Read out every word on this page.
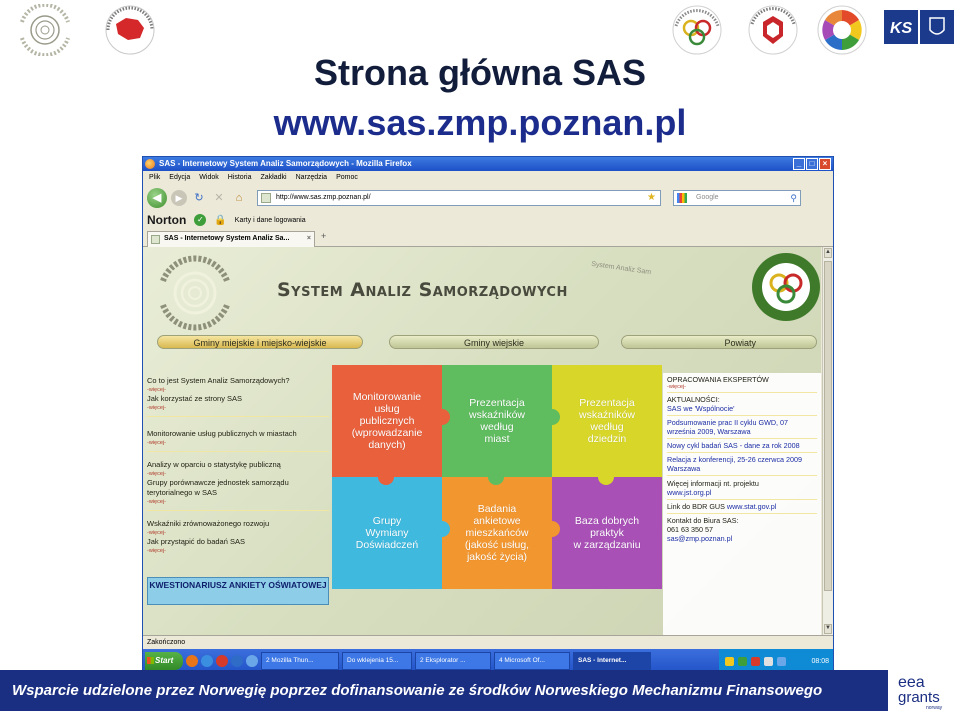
KS
Strona główna SAS
www.sas.zmp.poznan.pl
SAS - Internetowy System Analiz Samorządowych - Mozilla Firefox	_	□	×
Plik Edycja Widok Historia Zakładki Narzędzia Pomoc
◀	▶	↻ ✕	⌂	http://www.sas.zmp.poznan.pl/	★	Google	⚲
Norton	✓ 🔒 Karty i dane logowania
SAS - Internetowy System Analiz Sa...	× +
System Analiz Sam
System Analiz Samorządowych
Gminy miejskie i miejsko-wiejskie	Gminy wiejskie	Powiaty
Co to jest System Analiz Samorządowych?
-więcej-
Jak korzystać ze strony SAS
-więcej-
Monitorowanie usług publicznych w miastach
-więcej-
Analizy w oparciu o statystykę publiczną
-więcej-
Grupy porównawcze jednostek samorządu terytorialnego w SAS
-więcej-
Wskaźniki zrównoważonego rozwoju
-więcej-
Jak przystąpić do badań SAS
-więcej-
KWESTIONARIUSZ ANKIETY OŚWIATOWEJ
Monitorowanie
usług
publicznych
(wprowadzanie
danych)
Prezentacja
wskaźników
według
miast
Prezentacja
wskaźników
według
dziedzin
Grupy
Wymiany
Doświadczeń
Badania
ankietowe
mieszkańców
(jakość usług,
jakość życia)
Baza dobrych
praktyk
w zarządzaniu
OPRACOWANIA EKSPERTÓW
-więcej-
AKTUALNOŚCI:
SAS we 'Wspólnocie'
Podsumowanie prac II cyklu GWD, 07 września 2009, Warszawa
Nowy cykl badań SAS - dane za rok 2008
Relacja z konferencji, 25-26 czerwca 2009 Warszawa
Więcej informacji nt. projektu
www.jst.org.pl
Link do BDR GUS www.stat.gov.pl
Kontakt do Biura SAS:
061 63 350 57
sas@zmp.poznan.pl
▲
▼
Zakończono
Start	2 Mozilla Thun...	Do wklejenia 15...	2 Eksplorator ...	4 Microsoft Of...	SAS - Internet...	08:08
Wsparcie udzielone przez Norwegię poprzez dofinansowanie ze środków Norweskiego Mechanizmu Finansowego	eea
grants
norway
